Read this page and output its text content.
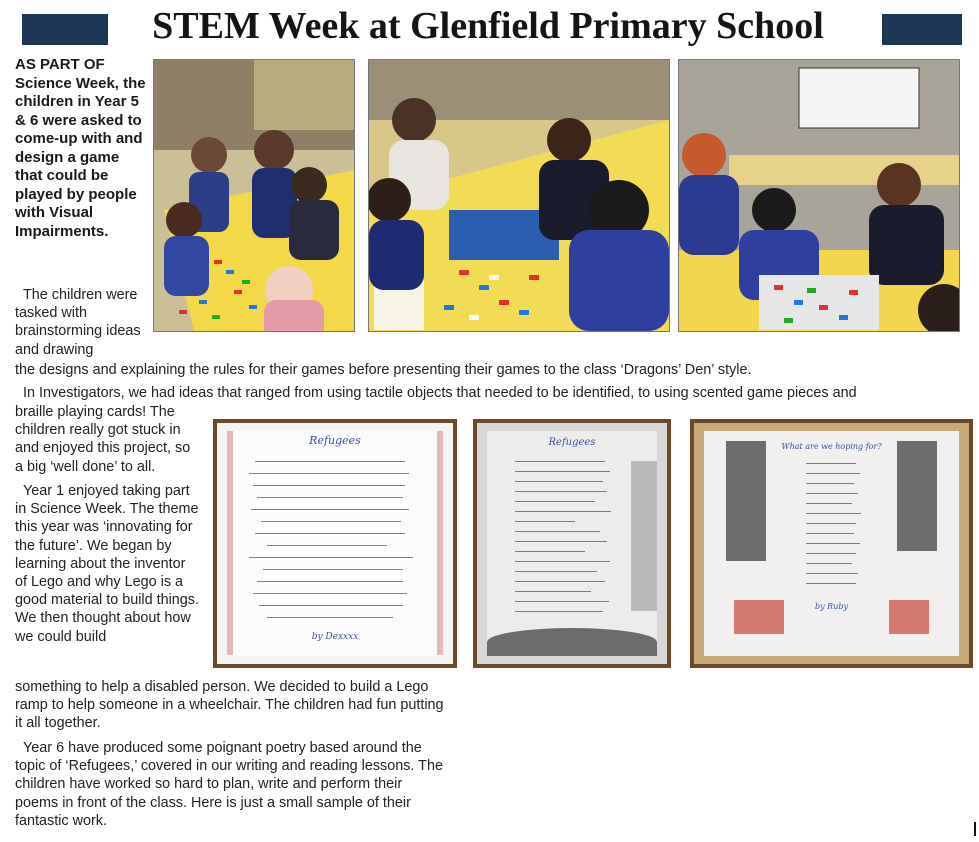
STEM Week at Glenfield Primary School
AS PART OF Science Week, the children in Year 5 & 6 were asked to come-up with and design a game that could be played by people with Visual Impairments.
The children were tasked with brainstorming ideas and drawing
the designs and explaining the rules for their games before presenting their games to the class ‘Dragons’ Den’ style.
In Investigators, we had ideas that ranged from using tactile objects that needed to be identified, to using scented game pieces and
braille playing cards! The children really got stuck in and enjoyed this project, so a big ‘well done’ to all.
Year 1 enjoyed taking part in Science Week. The theme this year was ‘innovating for the future’. We began by learning about the inventor of Lego and why Lego is a good material to build things. We then thought about how we could build
something to help a disabled person. We decided to build a Lego ramp to help someone in a wheelchair. The children had fun putting it all together.
Year 6 have produced some poignant poetry based around the topic of ‘Refugees,’ covered in our writing and reading lessons. The children have worked so hard to plan, write and perform their poems in front of the class. Here is just a small sample of their fantastic work.
Refugees
by Dexxxx
Refugees	What are we hoping for?
by Ruby
